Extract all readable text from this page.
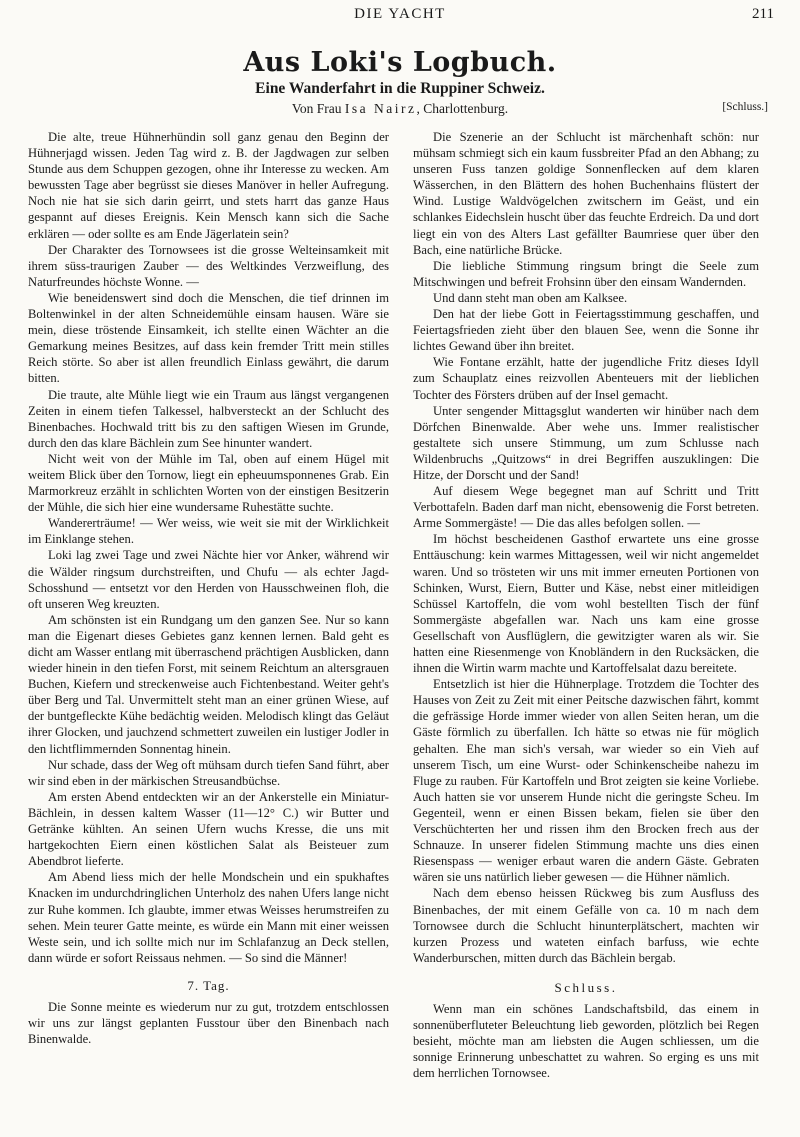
DIE YACHT	211
Aus Loki's Logbuch.
Eine Wanderfahrt in die Ruppiner Schweiz.
Von Frau Isa Nairz, Charlottenburg.	[Schluss.]

Die alte, treue Hühnerhündin soll ganz genau den Beginn der Hühnerjagd wissen. Jeden Tag wird z. B. der Jagdwagen zur selben Stunde aus dem Schuppen gezogen, ohne ihr Interesse zu wecken. Am bewussten Tage aber begrüsst sie dieses Manöver in heller Aufregung. Noch nie hat sie sich darin geirrt, und stets harrt das ganze Haus gespannt auf dieses Ereignis. Kein Mensch kann sich die Sache erklären — oder sollte es am Ende Jägerlatein sein?

Der Charakter des Tornowsees ist die grosse Welteinsamkeit mit ihrem süss-traurigen Zauber — des Weltkindes Verzweiflung, des Naturfreundes höchste Wonne. —

Wie beneidenswert sind doch die Menschen, die tief drinnen im Boltenwinkel in der alten Schneidemühle einsam hausen. Wäre sie mein, diese tröstende Einsamkeit, ich stellte einen Wächter an die Gemarkung meines Besitzes, auf dass kein fremder Tritt mein stilles Reich störte. So aber ist allen freundlich Einlass gewährt, die darum bitten.

Die traute, alte Mühle liegt wie ein Traum aus längst vergangenen Zeiten in einem tiefen Talkessel, halbversteckt an der Schlucht des Binenbaches. Hochwald tritt bis zu den saftigen Wiesen im Grunde, durch den das klare Bächlein zum See hinunter wandert.

Nicht weit von der Mühle im Tal, oben auf einem Hügel mit weitem Blick über den Tornow, liegt ein epheuumsponnenes Grab. Ein Marmorkreuz erzählt in schlichten Worten von der einstigen Besitzerin der Mühle, die sich hier eine wundersame Ruhestätte suchte.

Wandererträume! — Wer weiss, wie weit sie mit der Wirklichkeit im Einklange stehen.

Loki lag zwei Tage und zwei Nächte hier vor Anker, während wir die Wälder ringsum durchstreiften, und Chufu — als echter Jagd-Schosshund — entsetzt vor den Herden von Hausschweinen floh, die oft unseren Weg kreuzten.

Am schönsten ist ein Rundgang um den ganzen See. Nur so kann man die Eigenart dieses Gebietes ganz kennen lernen. Bald geht es dicht am Wasser entlang mit überraschend prächtigen Ausblicken, dann wieder hinein in den tiefen Forst, mit seinem Reichtum an altersgrauen Buchen, Kiefern und streckenweise auch Fichtenbestand. Weiter geht's über Berg und Tal. Unvermittelt steht man an einer grünen Wiese, auf der buntgefleckte Kühe bedächtig weiden. Melodisch klingt das Geläut ihrer Glocken, und jauchzend schmettert zuweilen ein lustiger Jodler in den lichtflimmernden Sonnentag hinein.

Nur schade, dass der Weg oft mühsam durch tiefen Sand führt, aber wir sind eben in der märkischen Streusandbüchse.

Am ersten Abend entdeckten wir an der Ankerstelle ein Miniatur-Bächlein, in dessen kaltem Wasser (11—12° C.) wir Butter und Getränke kühlten. An seinen Ufern wuchs Kresse, die uns mit hartgekochten Eiern einen köstlichen Salat als Beisteuer zum Abendbrot lieferte.

Am Abend liess mich der helle Mondschein und ein spukhaftes Knacken im undurchdringlichen Unterholz des nahen Ufers lange nicht zur Ruhe kommen. Ich glaubte, immer etwas Weisses herumstreifen zu sehen. Mein teurer Gatte meinte, es würde ein Mann mit einer weissen Weste sein, und ich sollte mich nur im Schlafanzug an Deck stellen, dann würde er sofort Reissaus nehmen. — So sind die Männer!

7. Tag.

Die Sonne meinte es wiederum nur zu gut, trotzdem entschlossen wir uns zur längst geplanten Fusstour über den Binenbach nach Binenwalde.

Die Szenerie an der Schlucht ist märchenhaft schön: nur mühsam schmiegt sich ein kaum fussbreiter Pfad an den Abhang; zu unseren Fuss tanzen goldige Sonnenflecken auf dem klaren Wässerchen, in den Blättern des hohen Buchenhains flüstert der Wind. Lustige Waldvögelchen zwitschern im Geäst, und ein schlankes Eidechslein huscht über das feuchte Erdreich. Da und dort liegt ein von des Alters Last gefällter Baumriese quer über den Bach, eine natürliche Brücke.

Die liebliche Stimmung ringsum bringt die Seele zum Mitschwingen und befreit Frohsinn über den einsam Wandernden.

Und dann steht man oben am Kalksee.

Den hat der liebe Gott in Feiertagsstimmung geschaffen, und Feiertagsfrieden zieht über den blauen See, wenn die Sonne ihr lichtes Gewand über ihn breitet.

Wie Fontane erzählt, hatte der jugendliche Fritz dieses Idyll zum Schauplatz eines reizvollen Abenteuers mit der lieblichen Tochter des Försters drüben auf der Insel gemacht.

Unter sengender Mittagsglut wanderten wir hinüber nach dem Dörfchen Binenwalde. Aber wehe uns. Immer realistischer gestaltete sich unsere Stimmung, um zum Schlusse nach Wildenbruchs „Quitzows“ in drei Begriffen auszuklingen: Die Hitze, der Dorscht und der Sand!

Auf diesem Wege begegnet man auf Schritt und Tritt Verbottafeln. Baden darf man nicht, ebensowenig die Forst betreten. Arme Sommergäste! — Die das alles befolgen sollen. —

Im höchst bescheidenen Gasthof erwartete uns eine grosse Enttäuschung: kein warmes Mittagessen, weil wir nicht angemeldet waren. Und so trösteten wir uns mit immer erneuten Portionen von Schinken, Wurst, Eiern, Butter und Käse, nebst einer mitleidigen Schüssel Kartoffeln, die vom wohl bestellten Tisch der fünf Sommergäste abgefallen war. Nach uns kam eine grosse Gesellschaft von Ausflüglern, die gewitzigter waren als wir. Sie hatten eine Riesenmenge von Knobländern in den Rucksäcken, die ihnen die Wirtin warm machte und Kartoffelsalat dazu bereitete.

Entsetzlich ist hier die Hühnerplage. Trotzdem die Tochter des Hauses von Zeit zu Zeit mit einer Peitsche dazwischen fährt, kommt die gefrässige Horde immer wieder von allen Seiten heran, um die Gäste förmlich zu überfallen. Ich hätte so etwas nie für möglich gehalten. Ehe man sich's versah, war wieder so ein Vieh auf unserem Tisch, um eine Wurst- oder Schinkenscheibe nahezu im Fluge zu rauben. Für Kartoffeln und Brot zeigten sie keine Vorliebe. Auch hatten sie vor unserem Hunde nicht die geringste Scheu. Im Gegenteil, wenn er einen Bissen bekam, fielen sie über den Verschüchterten her und rissen ihm den Brocken frech aus der Schnauze. In unserer fidelen Stimmung machte uns dies einen Riesenspass — weniger erbaut waren die andern Gäste. Gebraten wären sie uns natürlich lieber gewesen — die Hühner nämlich.

Nach dem ebenso heissen Rückweg bis zum Ausfluss des Binenbaches, der mit einem Gefälle von ca. 10 m nach dem Tornowsee durch die Schlucht hinunterplätschert, machten wir kurzen Prozess und wateten einfach barfuss, wie echte Wanderburschen, mitten durch das Bächlein bergab.

Schluss.

Wenn man ein schönes Landschaftsbild, das einem in sonnenüberfluteter Beleuchtung lieb geworden, plötzlich bei Regen besieht, möchte man am liebsten die Augen schliessen, um die sonnige Erinnerung unbeschattet zu wahren. So erging es uns mit dem herrlichen Tornowsee.
